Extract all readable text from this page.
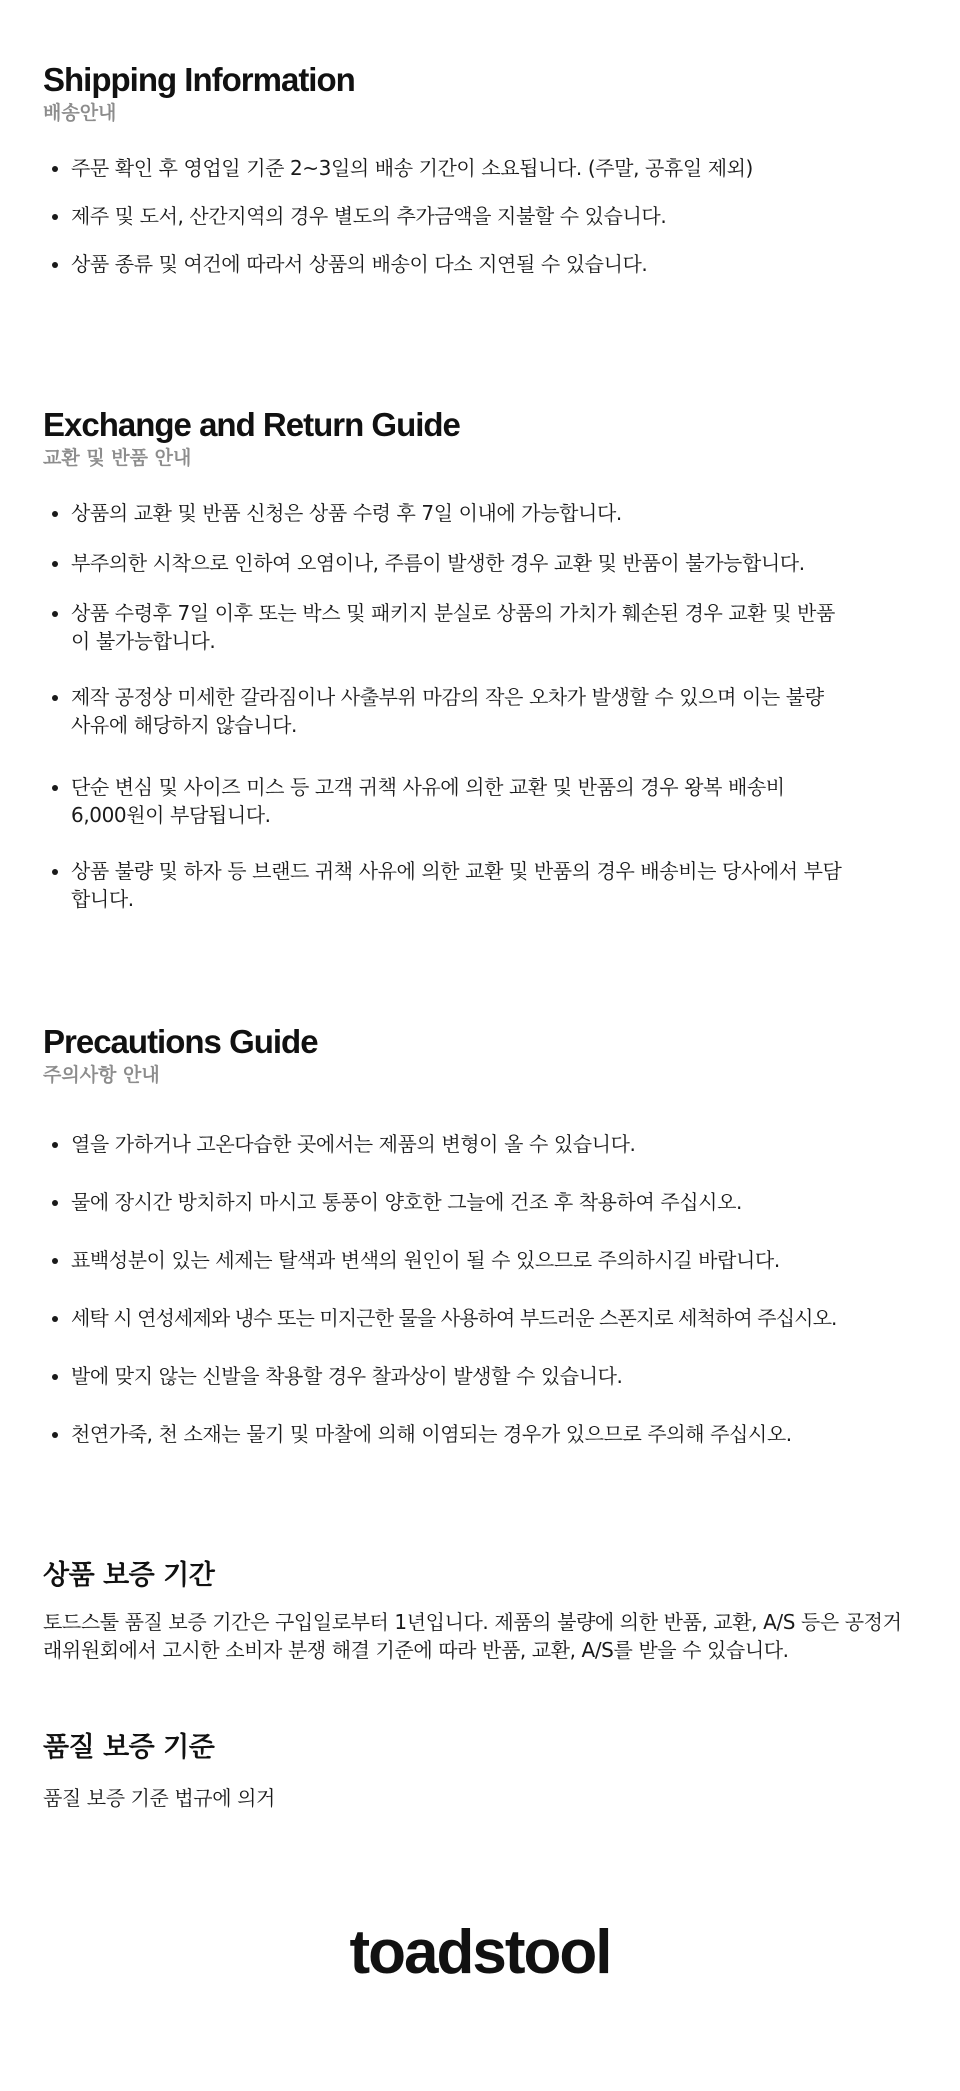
Shipping Information

배송안내

주문 확인 후 영업일 기준 2~3일의 배송 기간이 소요됩니다. (주말, 공휴일 제외)
제주 및 도서, 산간지역의 경우 별도의 추가금액을 지불할 수 있습니다.
상품 종류 및 여건에 따라서 상품의 배송이 다소 지연될 수 있습니다.
Exchange and Return Guide

교환 및 반품 안내

상품의 교환 및 반품 신청은 상품 수령 후 7일 이내에 가능합니다.
부주의한 시착으로 인하여 오염이나, 주름이 발생한 경우 교환 및 반품이 불가능합니다.
상품 수령후 7일 이후 또는 박스 및 패키지 분실로 상품의 가치가 훼손된 경우 교환 및 반품이 불가능합니다.
제작 공정상 미세한 갈라짐이나 사출부위 마감의 작은 오차가 발생할 수 있으며 이는 불량 사유에 해당하지 않습니다.
단순 변심 및 사이즈 미스 등 고객 귀책 사유에 의한 교환 및 반품의 경우 왕복 배송비 6,000원이 부담됩니다.
상품 불량 및 하자 등 브랜드 귀책 사유에 의한 교환 및 반품의 경우 배송비는 당사에서 부담합니다.
Precautions Guide

주의사항 안내

열을 가하거나 고온다습한 곳에서는 제품의 변형이 올 수 있습니다.
물에 장시간 방치하지 마시고 통풍이 양호한 그늘에 건조 후 착용하여 주십시오.
표백성분이 있는 세제는 탈색과 변색의 원인이 될 수 있으므로 주의하시길 바랍니다.
세탁 시 연성세제와 냉수 또는 미지근한 물을 사용하여 부드러운 스폰지로 세척하여 주십시오.
발에 맞지 않는 신발을 착용할 경우 찰과상이 발생할 수 있습니다.
천연가죽, 천 소재는 물기 및 마찰에 의해 이염되는 경우가 있으므로 주의해 주십시오.
상품 보증 기간

토드스툴 품질 보증 기간은 구입일로부터 1년입니다. 제품의 불량에 의한 반품, 교환, A/S 등은 공정거래위원회에서 고시한 소비자 분쟁 해결 기준에 따라 반품, 교환, A/S를 받을 수 있습니다.

품질 보증 기준

품질 보증 기준 법규에 의거

toadstool
